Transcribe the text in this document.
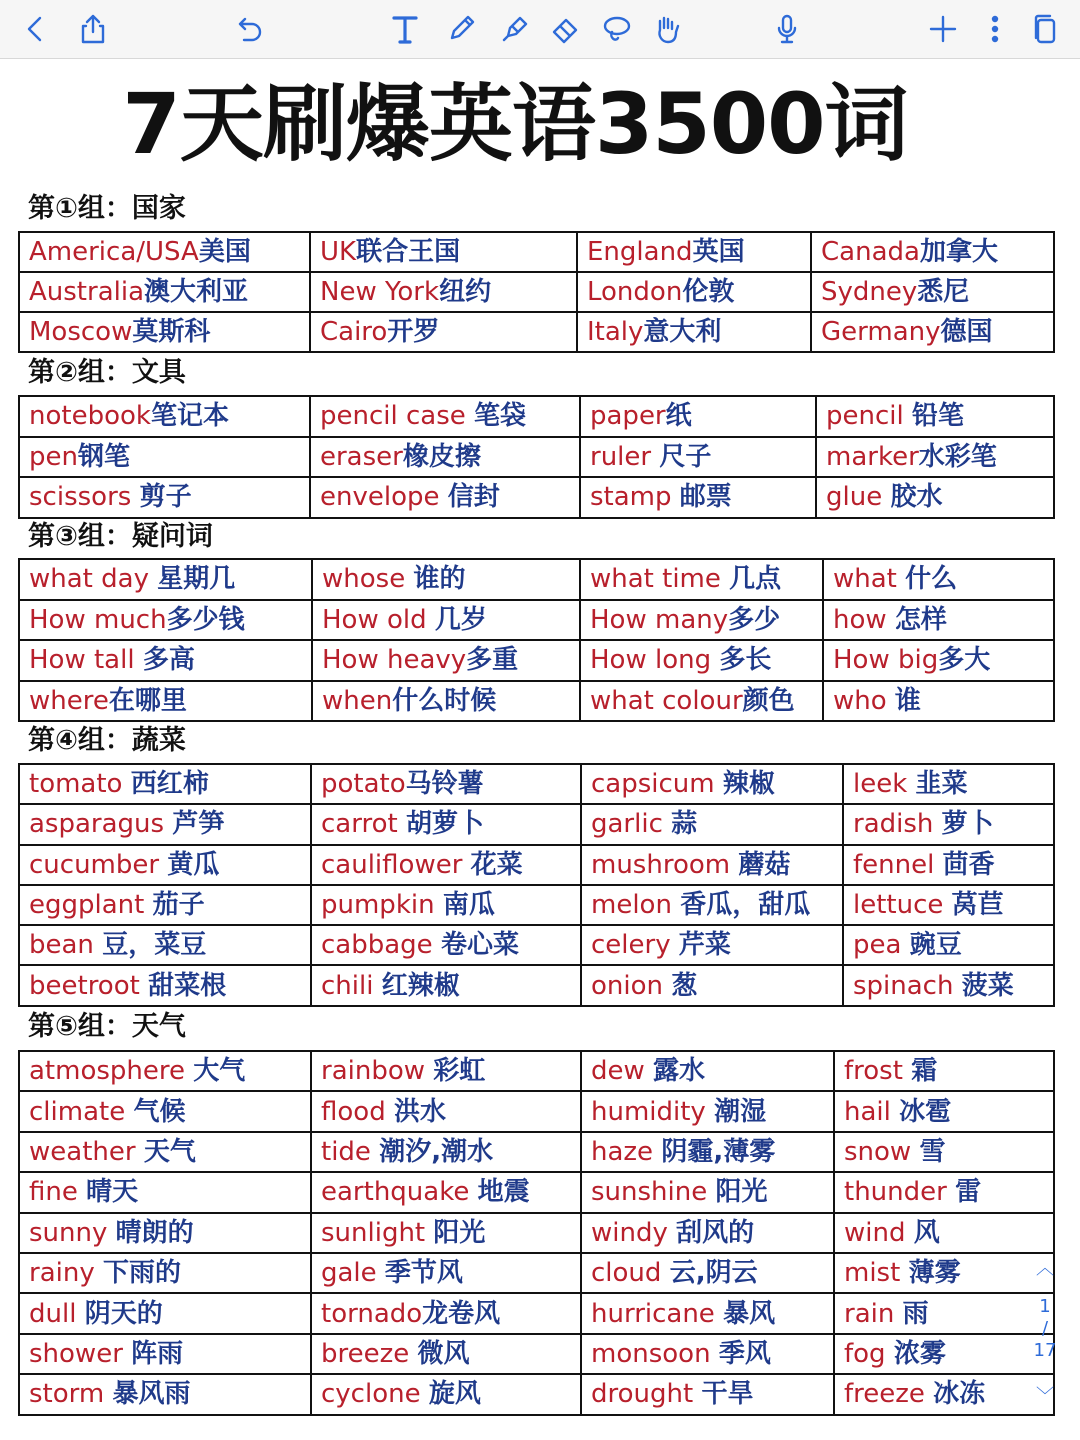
7天刷爆英语3500词
第①组：国家
America/USA美国	UK联合王国	England英国	Canada加拿大
Australia澳大利亚	New York纽约	London伦敦	Sydney悉尼
Moscow莫斯科	Cairo开罗	Italy意大利	Germany德国
第②组：文具
notebook笔记本	pencil case 笔袋	paper纸	pencil 铅笔
pen钢笔	eraser橡皮擦	ruler 尺子	marker水彩笔
scissors 剪子	envelope 信封	stamp 邮票	glue 胶水
第③组：疑问词
what day 星期几	whose 谁的	what time 几点	what 什么
How much多少钱	How old 几岁	How many多少	how 怎样
How tall 多高	How heavy多重	How long 多长	How big多大
where在哪里	when什么时候	what colour颜色	who 谁
第④组：蔬菜
tomato 西红柿	potato马铃薯	capsicum 辣椒	leek 韭菜
asparagus 芦笋	carrot 胡萝卜	garlic 蒜	radish 萝卜
cucumber 黄瓜	cauliflower 花菜	mushroom 蘑菇	fennel 茴香
eggplant 茄子	pumpkin 南瓜	melon 香瓜，甜瓜	lettuce 莴苣
bean 豆，菜豆	cabbage 卷心菜	celery 芹菜	pea 豌豆
beetroot 甜菜根	chili 红辣椒	onion 葱	spinach 菠菜
第⑤组：天气
atmosphere 大气	rainbow 彩虹	dew 露水	frost 霜
climate 气候	flood 洪水	humidity 潮湿	hail 冰雹
weather 天气	tide 潮汐,潮水	haze 阴霾,薄雾	snow 雪
fine 晴天	earthquake 地震	sunshine 阳光	thunder 雷
sunny 晴朗的	sunlight 阳光	windy 刮风的	wind 风
rainy 下雨的	gale 季节风	cloud 云,阴云	mist 薄雾
dull 阴天的	tornado龙卷风	hurricane 暴风	rain 雨
shower 阵雨	breeze 微风	monsoon 季风	fog 浓雾
storm 暴风雨	cyclone 旋风	drought 干旱	freeze 冰冻
︿
1
/
17
﹀
